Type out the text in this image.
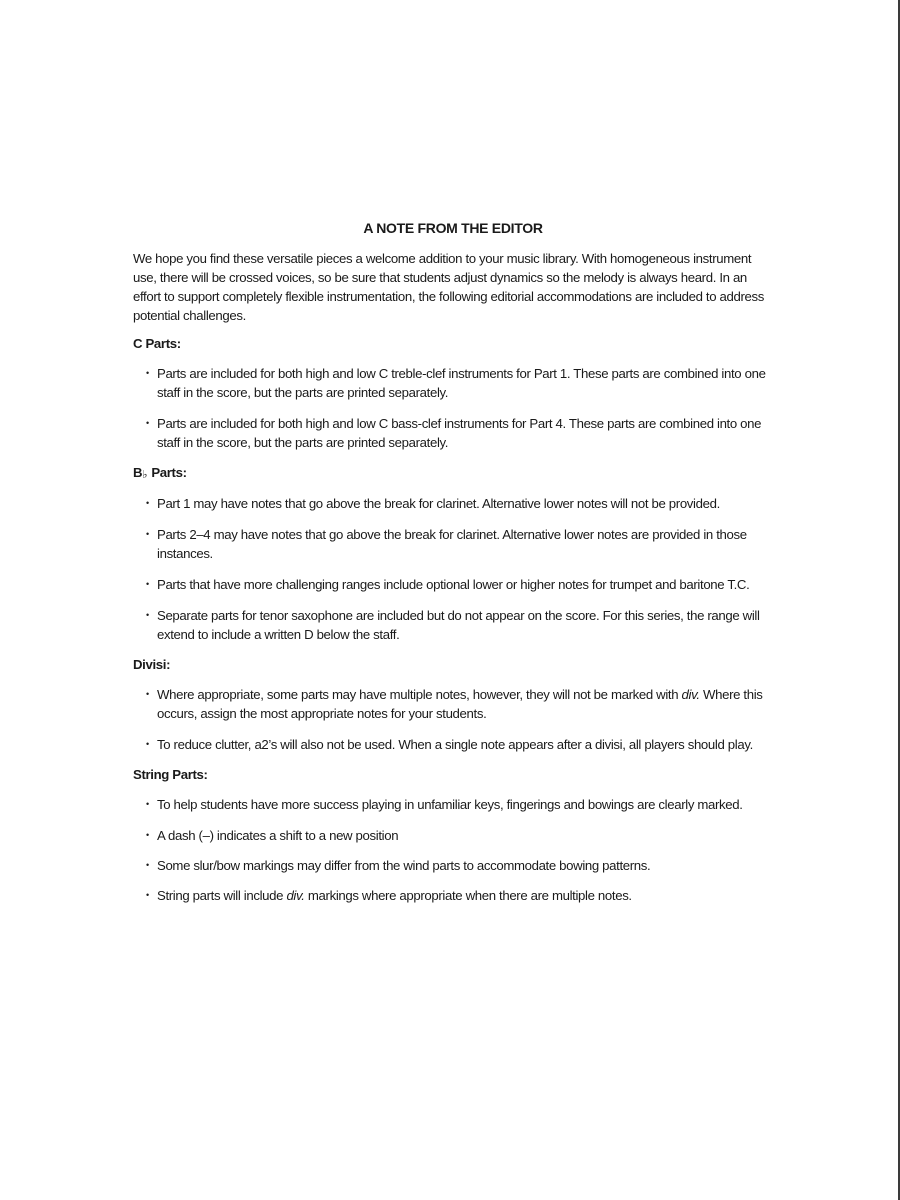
A NOTE FROM THE EDITOR

We hope you find these versatile pieces a welcome addition to your music library. With homogeneous instrument use, there will be crossed voices, so be sure that students adjust dynamics so the melody is always heard. In an effort to support completely flexible instrumentation, the following editorial accommodations are included to address potential challenges.

C Parts:
• Parts are included for both high and low C treble-clef instruments for Part 1. These parts are combined into one staff in the score, but the parts are printed separately.
• Parts are included for both high and low C bass-clef instruments for Part 4. These parts are combined into one staff in the score, but the parts are printed separately.
B♭ Parts:
• Part 1 may have notes that go above the break for clarinet. Alternative lower notes will not be provided.
• Parts 2–4 may have notes that go above the break for clarinet. Alternative lower notes are provided in those instances.
• Parts that have more challenging ranges include optional lower or higher notes for trumpet and baritone T.C.
• Separate parts for tenor saxophone are included but do not appear on the score. For this series, the range will extend to include a written D below the staff.
Divisi:
• Where appropriate, some parts may have multiple notes, however, they will not be marked with div. Where this occurs, assign the most appropriate notes for your students.
• To reduce clutter, a2’s will also not be used. When a single note appears after a divisi, all players should play.
String Parts:
• To help students have more success playing in unfamiliar keys, fingerings and bowings are clearly marked.
• A dash (–) indicates a shift to a new position
• Some slur/bow markings may differ from the wind parts to accommodate bowing patterns.
• String parts will include div. markings where appropriate when there are multiple notes.
